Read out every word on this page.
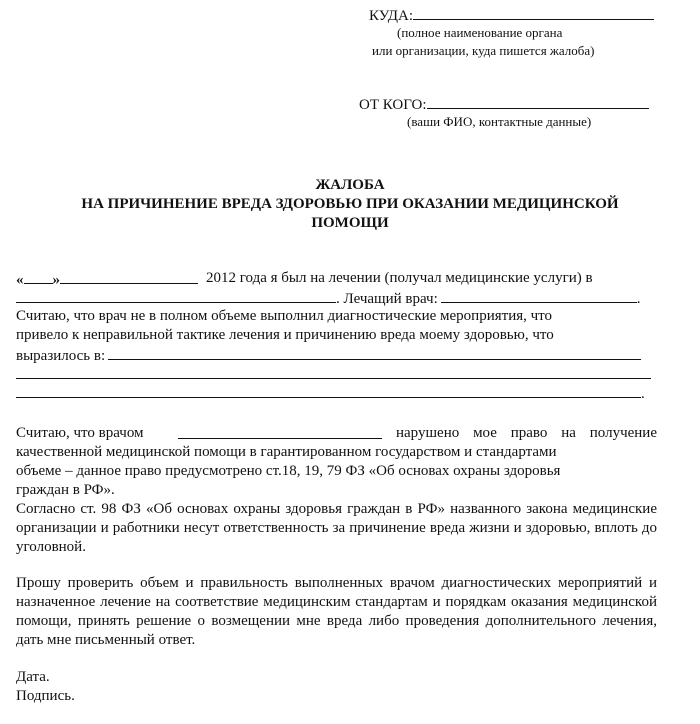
КУДА:
(полное наименование органа
или организации, куда пишется жалоба)
ОТ КОГО:
(ваши ФИО, контактные данные)
ЖАЛОБА
НА ПРИЧИНЕНИЕ ВРЕДА ЗДОРОВЬЮ ПРИ ОКАЗАНИИ МЕДИЦИНСКОЙ
ПОМОЩИ
« »	2012 года я был на лечении (получал медицинские услуги) в
. Лечащий врач:	.
Считаю, что врач не в полном объеме выполнил диагностические мероприятия, что
привело к неправильной тактике лечения и причинению вреда моему здоровью, что
выразилось в:
.
Считаю, что врачом	нарушено мое право на получение
качественной медицинской помощи в гарантированном государством и стандартами
объеме – данное право предусмотрено ст.18, 19, 79 ФЗ «Об основах охраны здоровья
граждан в РФ».
Согласно ст. 98 ФЗ «Об основах охраны здоровья граждан в РФ» названного закона медицинские организации и работники несут ответственность за причинение вреда жизни и здоровью, вплоть до уголовной.
Прошу проверить объем и правильность выполненных врачом диагностических мероприятий и назначенное лечение на соответствие медицинским стандартам и порядкам оказания медицинской помощи, принять решение о возмещении мне вреда либо проведения дополнительного лечения, дать мне письменный ответ.
Дата.
Подпись.
